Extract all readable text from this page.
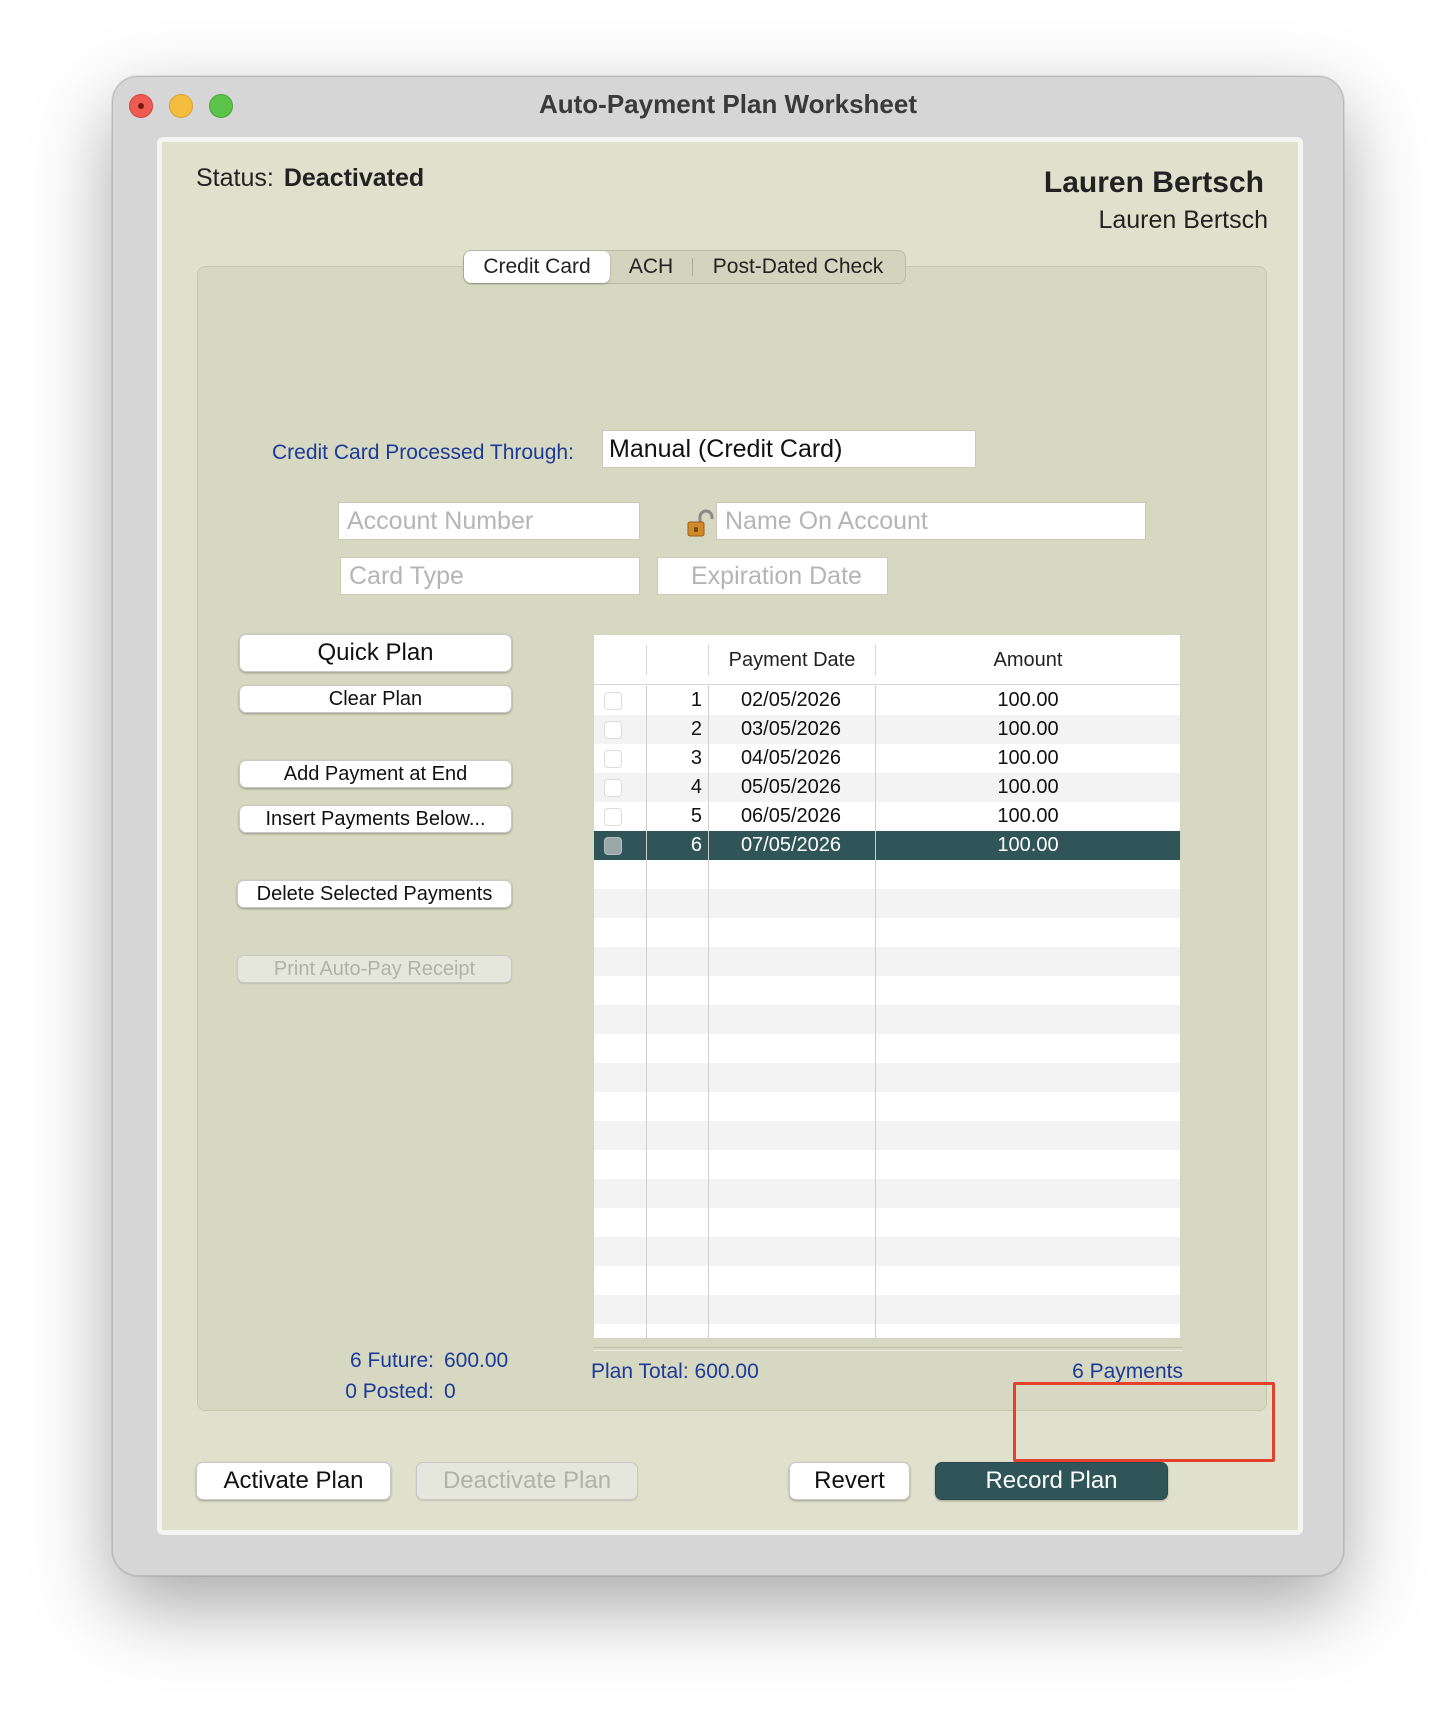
Auto-Payment Plan Worksheet
Status: Deactivated	Lauren Bertsch
Lauren Bertsch
Credit Card Processed Through: Manual (Credit Card)
Account Number
Name On Account
Card Type
Expiration Date
Quick Plan
Clear Plan
Add Payment at End
Insert Payments Below...
Delete Selected Payments
Print Auto-Pay Receipt
Payment Date	Amount
1	02/05/2026	100.00
2	03/05/2026	100.00
3	04/05/2026	100.00
4	05/05/2026	100.00
5	06/05/2026	100.00
6	07/05/2026	100.00
6 Future: 600.00
0 Posted: 0
Plan Total: 600.00	6 Payments
Credit Card	ACH	Post-Dated Check
Activate Plan	Deactivate Plan	Revert	Record Plan
